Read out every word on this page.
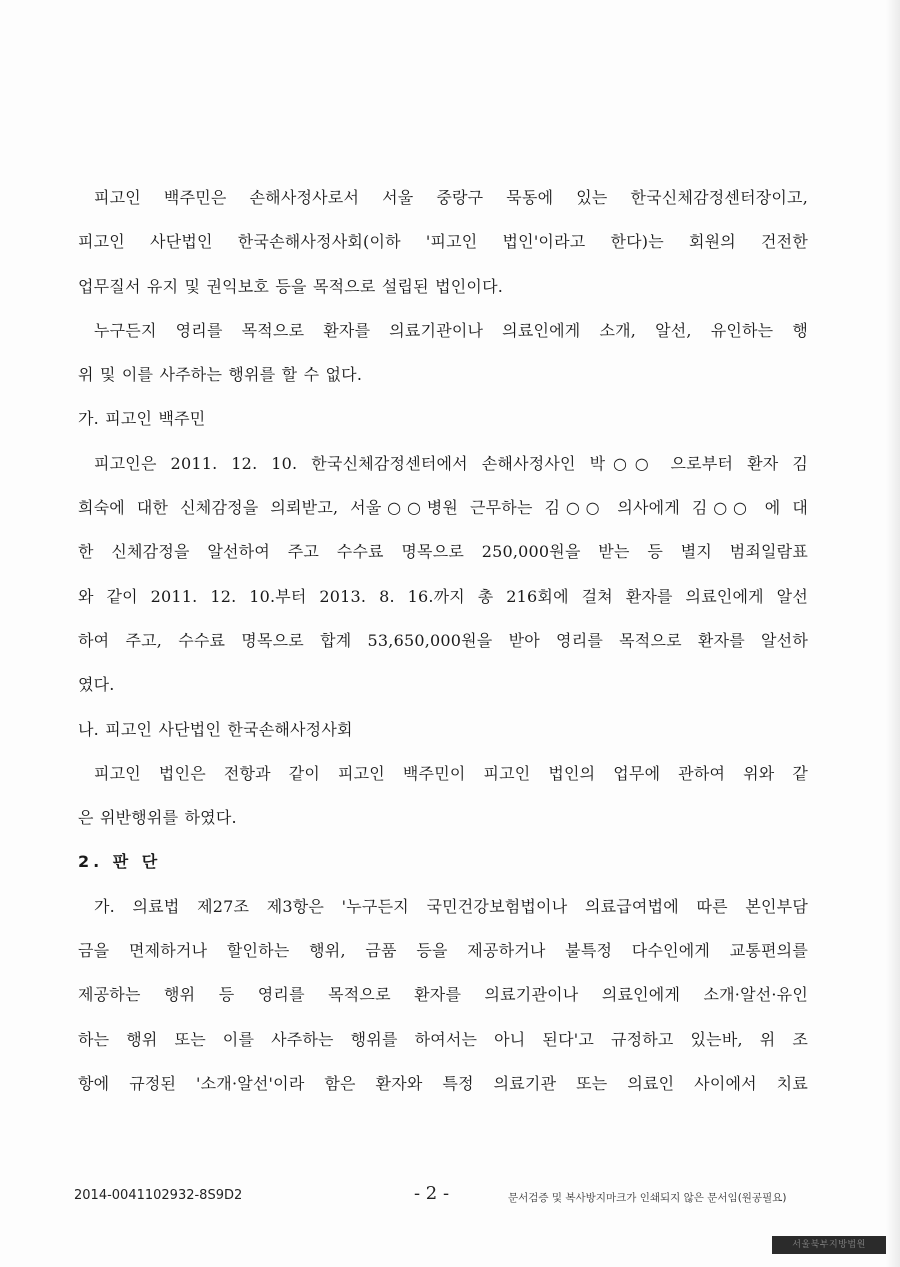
피고인 백주민은 손해사정사로서 서울 중랑구 묵동에 있는 한국신체감정센터장이고,

피고인 사단법인 한국손해사정사회(이하 '피고인 법인'이라고 한다)는 회원의 건전한

업무질서 유지 및 권익보호 등을 목적으로 설립된 법인이다.

누구든지 영리를 목적으로 환자를 의료기관이나 의료인에게 소개, 알선, 유인하는 행

위 및 이를 사주하는 행위를 할 수 없다.

가. 피고인 백주민

피고인은 2011. 12. 10. 한국신체감정센터에서 손해사정사인 박○○ 으로부터 환자 김

희숙에 대한 신체감정을 의뢰받고, 서울○○병원 근무하는 김○○ 의사에게 김○○ 에 대

한 신체감정을 알선하여 주고 수수료 명목으로 250,000원을 받는 등 별지 범죄일람표

와 같이 2011. 12. 10.부터 2013. 8. 16.까지 총 216회에 걸쳐 환자를 의료인에게 알선

하여 주고, 수수료 명목으로 합계 53,650,000원을 받아 영리를 목적으로 환자를 알선하

였다.

나. 피고인 사단법인 한국손해사정사회

피고인 법인은 전항과 같이 피고인 백주민이 피고인 법인의 업무에 관하여 위와 같

은 위반행위를 하였다.

2. 판 단

가. 의료법 제27조 제3항은 '누구든지 국민건강보험법이나 의료급여법에 따른 본인부담

금을 면제하거나 할인하는 행위, 금품 등을 제공하거나 불특정 다수인에게 교통편의를

제공하는 행위 등 영리를 목적으로 환자를 의료기관이나 의료인에게 소개·알선·유인

하는 행위 또는 이를 사주하는 행위를 하여서는 아니 된다'고 규정하고 있는바, 위 조

항에 규정된 '소개·알선'이라 함은 환자와 특정 의료기관 또는 의료인 사이에서 치료

2014-0041102932-8S9D2	- 2 -	문서검증 및 복사방지마크가 인쇄되지 않은 문서임(원공필요)
서울북부지방법원
